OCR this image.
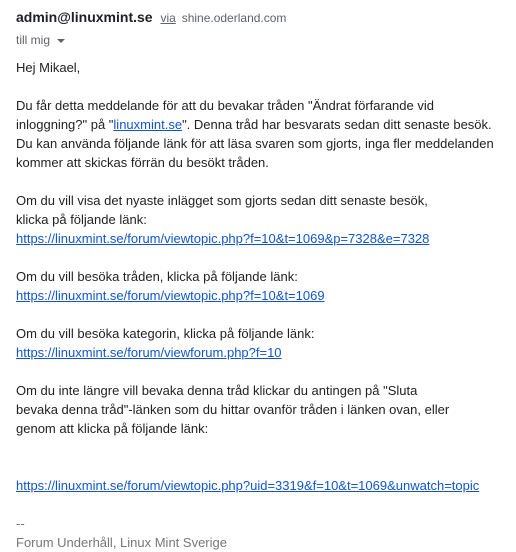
admin@linuxmint.se via shine.oderland.com
till mig

Hej Mikael,

Du får detta meddelande för att du bevakar tråden "Ändrat förfarande vid inloggning?" på "linuxmint.se". Denna tråd har besvarats sedan ditt senaste besök. Du kan använda följande länk för att läsa svaren som gjorts, inga fler meddelanden kommer att skickas förrän du besökt tråden.

Om du vill visa det nyaste inlägget som gjorts sedan ditt senaste besök,
klicka på följande länk:
https://linuxmint.se/forum/viewtopic.php?f=10&t=1069&p=7328&e=7328

Om du vill besöka tråden, klicka på följande länk:
https://linuxmint.se/forum/viewtopic.php?f=10&t=1069

Om du vill besöka kategorin, klicka på följande länk:
https://linuxmint.se/forum/viewforum.php?f=10

Om du inte längre vill bevaka denna tråd klickar du antingen på "Sluta
bevaka denna tråd"-länken som du hittar ovanför tråden i länken ovan, eller
genom att klicka på följande länk:

https://linuxmint.se/forum/viewtopic.php?uid=3319&f=10&t=1069&unwatch=topic

--
Forum Underhåll, Linux Mint Sverige
